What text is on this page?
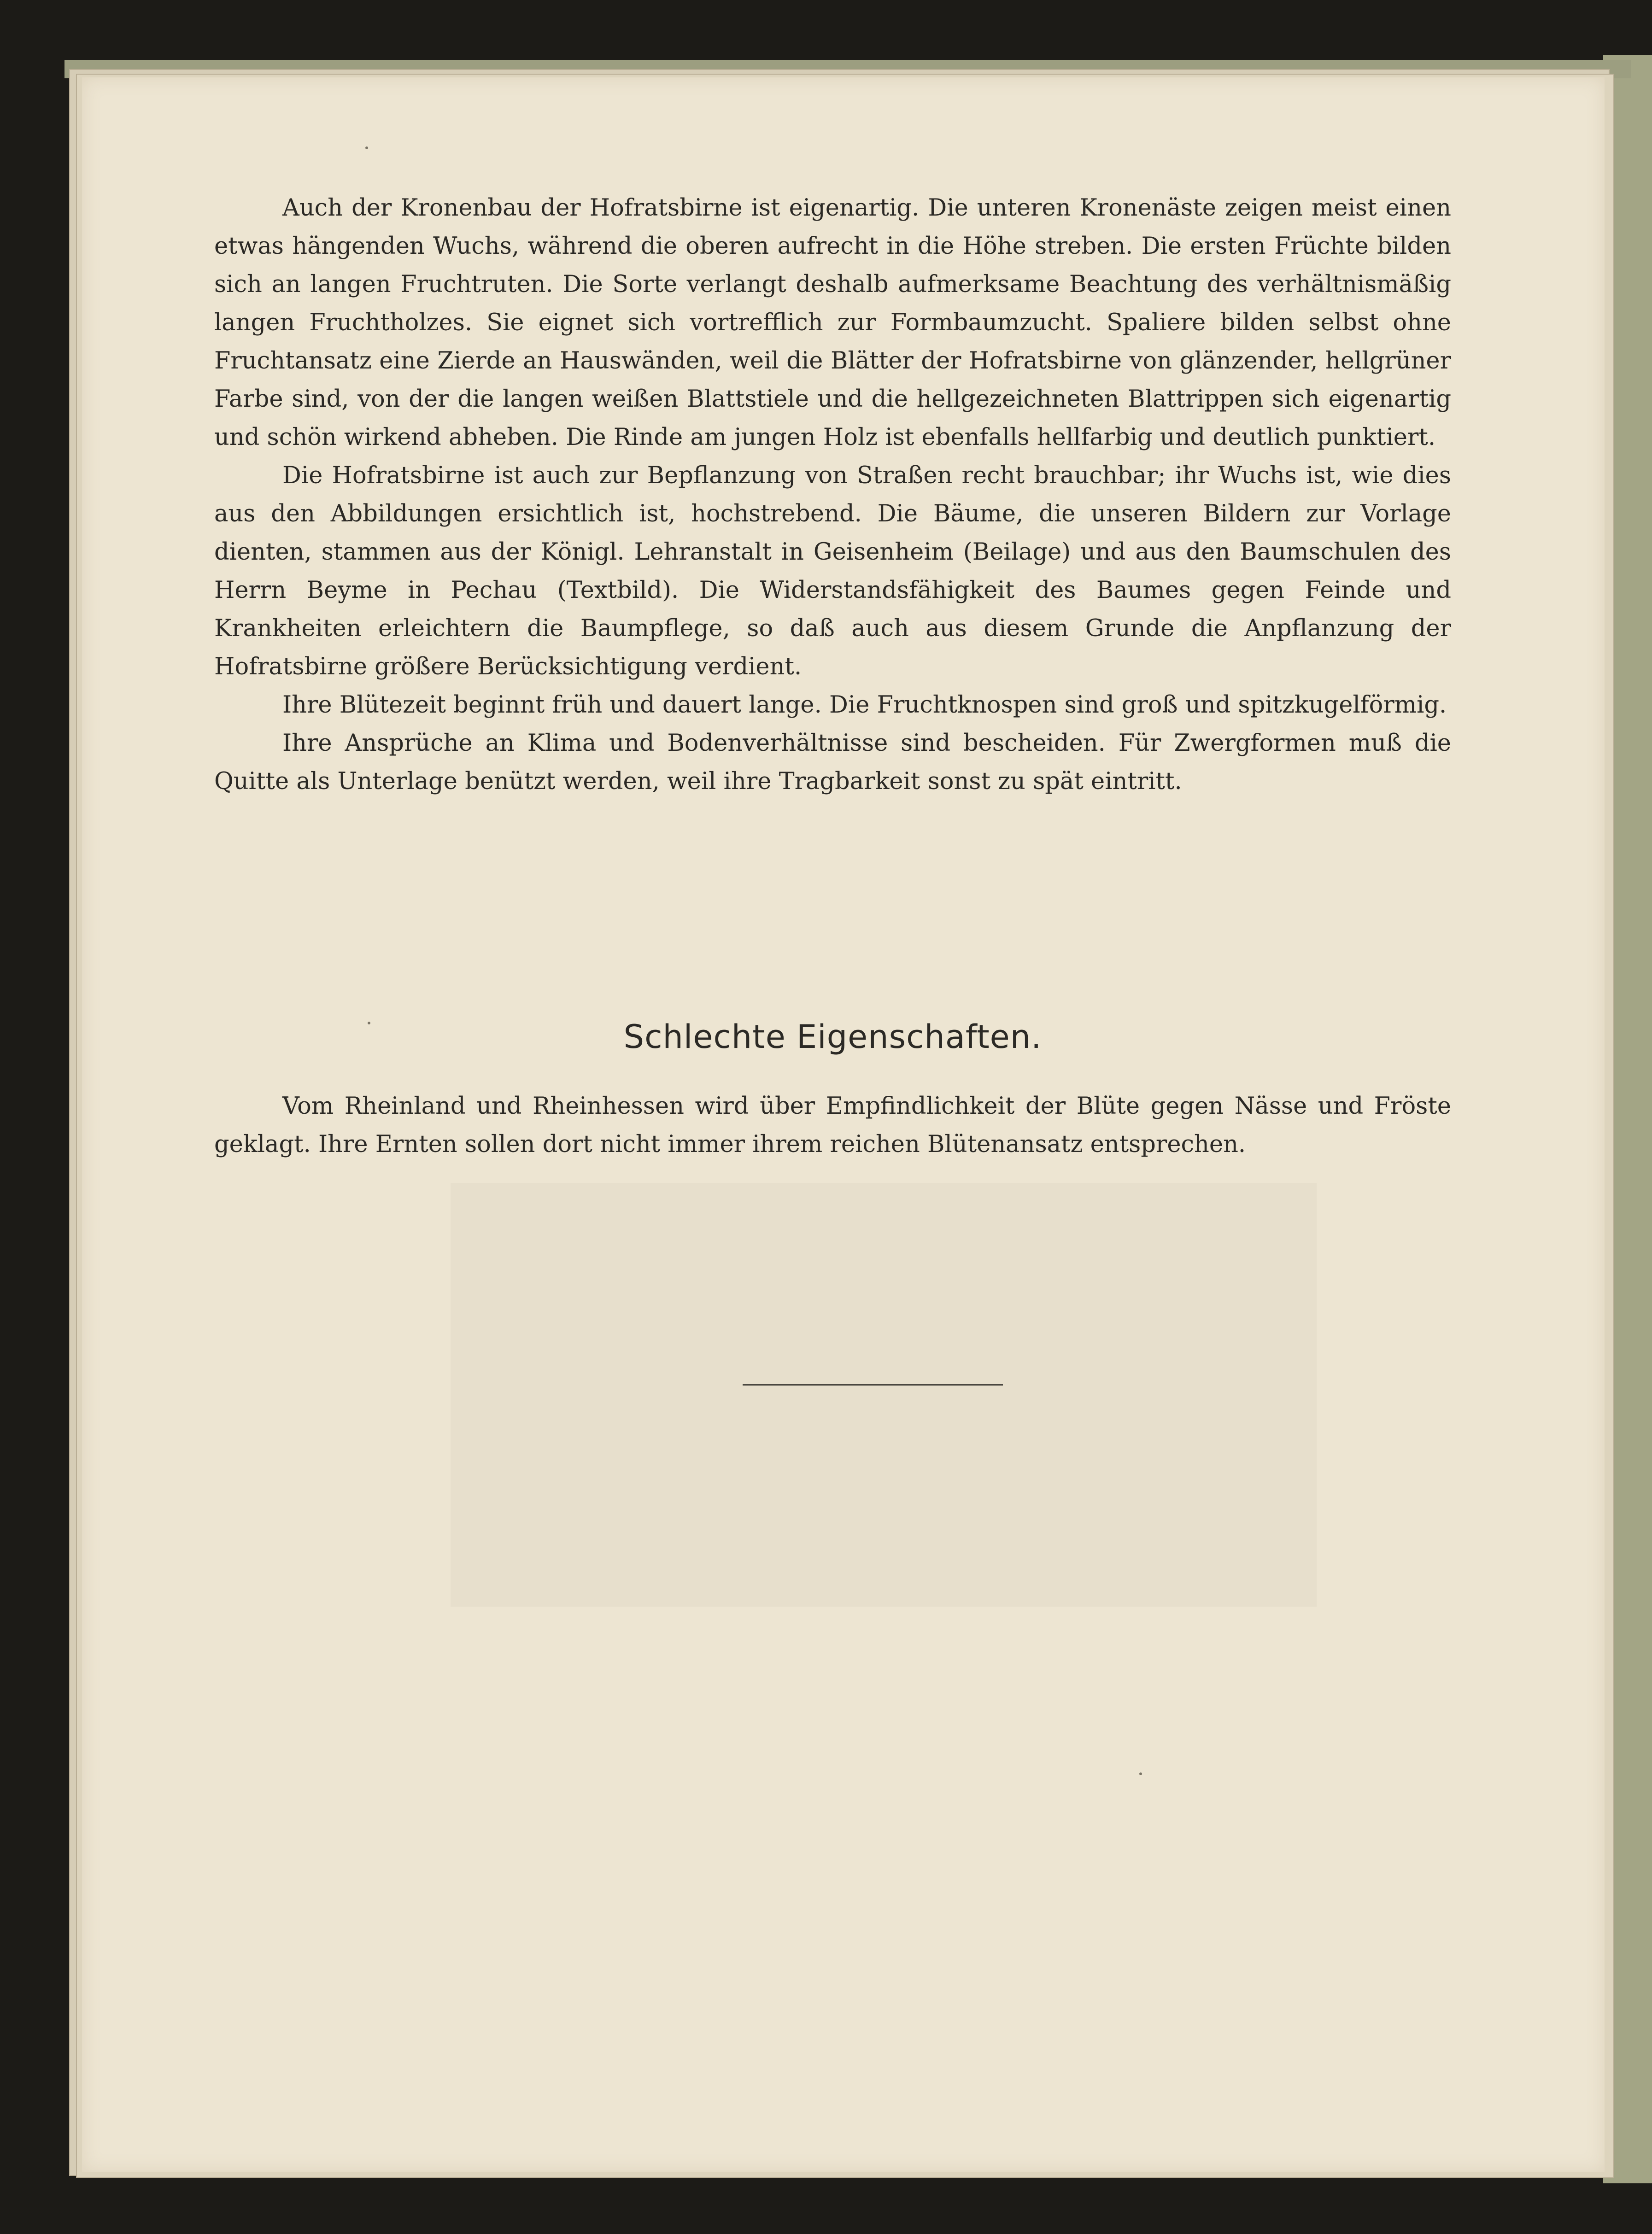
Auch der Kronenbau der Hofratsbirne ist eigenartig. Die unteren Kronenäste zeigen meist einen etwas hängenden Wuchs, während die oberen aufrecht in die Höhe streben. Die ersten Früchte bilden sich an langen Fruchtruten. Die Sorte verlangt deshalb aufmerksame Beachtung des verhältnismäßig langen Fruchtholzes. Sie eignet sich vortrefflich zur Formbaumzucht. Spaliere bilden selbst ohne Fruchtansatz eine Zierde an Hauswänden, weil die Blätter der Hofratsbirne von glänzender, hellgrüner Farbe sind, von der die langen weißen Blattstiele und die hellgezeichneten Blattrippen sich eigenartig und schön wirkend abheben. Die Rinde am jungen Holz ist ebenfalls hellfarbig und deutlich punktiert.

Die Hofratsbirne ist auch zur Bepflanzung von Straßen recht brauchbar; ihr Wuchs ist, wie dies aus den Abbildungen ersichtlich ist, hochstrebend. Die Bäume, die unseren Bildern zur Vorlage dienten, stammen aus der Königl. Lehranstalt in Geisenheim (Beilage) und aus den Baumschulen des Herrn Beyme in Pechau (Textbild). Die Widerstandsfähigkeit des Baumes gegen Feinde und Krankheiten erleichtern die Baumpflege, so daß auch aus diesem Grunde die Anpflanzung der Hofratsbirne größere Berücksichtigung verdient.

Ihre Blütezeit beginnt früh und dauert lange. Die Fruchtknospen sind groß und spitzkugelförmig.

Ihre Ansprüche an Klima und Bodenverhältnisse sind bescheiden. Für Zwergformen muß die Quitte als Unterlage benützt werden, weil ihre Tragbarkeit sonst zu spät eintritt.

Schlechte Eigenschaften.

Vom Rheinland und Rheinhessen wird über Empfindlichkeit der Blüte gegen Nässe und Fröste geklagt. Ihre Ernten sollen dort nicht immer ihrem reichen Blütenansatz entsprechen.
